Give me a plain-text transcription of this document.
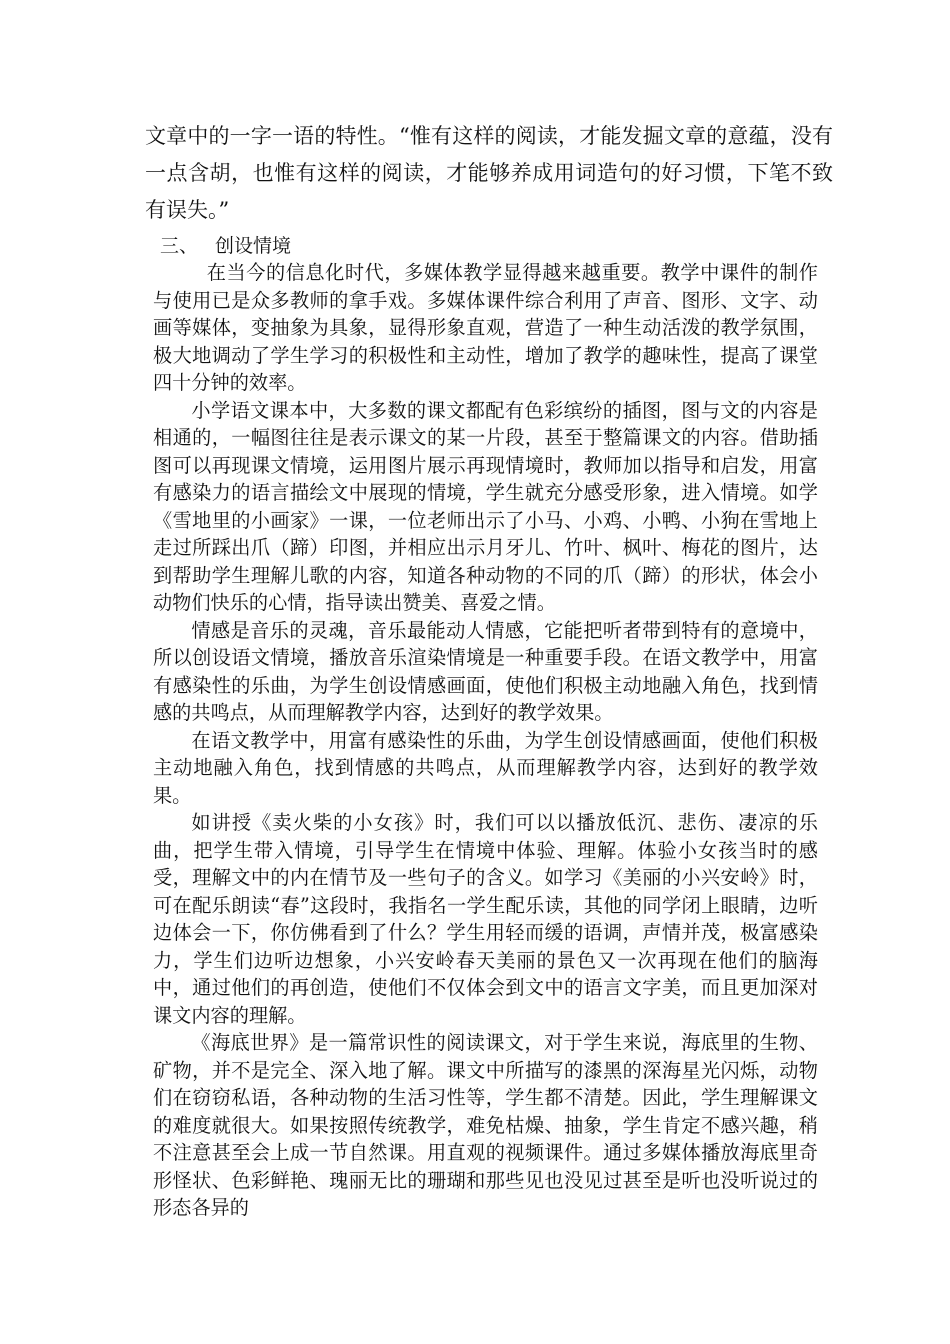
文章中的一字一语的特性。“惟有这样的阅读，才能发掘文章的意蕴，没有一点含胡，也惟有这样的阅读，才能够养成用词造句的好习惯，下笔不致有误失。”
三、 创设情境

在当今的信息化时代，多媒体教学显得越来越重要。教学中课件的制作与使用已是众多教师的拿手戏。多媒体课件综合利用了声音、图形、文字、动画等媒体，变抽象为具象，显得形象直观，营造了一种生动活泼的教学氛围，极大地调动了学生学习的积极性和主动性，增加了教学的趣味性，提高了课堂四十分钟的效率。

小学语文课本中，大多数的课文都配有色彩缤纷的插图，图与文的内容是相通的，一幅图往往是表示课文的某一片段，甚至于整篇课文的内容。借助插图可以再现课文情境，运用图片展示再现情境时，教师加以指导和启发，用富有感染力的语言描绘文中展现的情境，学生就充分感受形象，进入情境。如学《雪地里的小画家》一课，一位老师出示了小马、小鸡、小鸭、小狗在雪地上走过所踩出爪（蹄）印图，并相应出示月牙儿、竹叶、枫叶、梅花的图片，达到帮助学生理解儿歌的内容，知道各种动物的不同的爪（蹄）的形状，体会小动物们快乐的心情，指导读出赞美、喜爱之情。

情感是音乐的灵魂，音乐最能动人情感，它能把听者带到特有的意境中，所以创设语文情境，播放音乐渲染情境是一种重要手段。在语文教学中，用富有感染性的乐曲，为学生创设情感画面，使他们积极主动地融入角色，找到情感的共鸣点，从而理解教学内容，达到好的教学效果。

在语文教学中，用富有感染性的乐曲，为学生创设情感画面，使他们积极主动地融入角色，找到情感的共鸣点，从而理解教学内容，达到好的教学效果。

如讲授《卖火柴的小女孩》时，我们可以以播放低沉、悲伤、凄凉的乐曲，把学生带入情境，引导学生在情境中体验、理解。体验小女孩当时的感受，理解文中的内在情节及一些句子的含义。如学习《美丽的小兴安岭》时，可在配乐朗读“春”这段时，我指名一学生配乐读，其他的同学闭上眼睛，边听边体会一下，你仿佛看到了什么？学生用轻而缓的语调，声情并茂，极富感染力，学生们边听边想象，小兴安岭春天美丽的景色又一次再现在他们的脑海中，通过他们的再创造，使他们不仅体会到文中的语言文字美，而且更加深对课文内容的理解。

《海底世界》是一篇常识性的阅读课文，对于学生来说，海底里的生物、矿物，并不是完全、深入地了解。课文中所描写的漆黑的深海星光闪烁，动物们在窃窃私语，各种动物的生活习性等，学生都不清楚。因此，学生理解课文的难度就很大。如果按照传统教学，难免枯燥、抽象，学生肯定不感兴趣，稍不注意甚至会上成一节自然课。用直观的视频课件。通过多媒体播放海底里奇形怪状、色彩鲜艳、瑰丽无比的珊瑚和那些见也没见过甚至是听也没听说过的形态各异的
